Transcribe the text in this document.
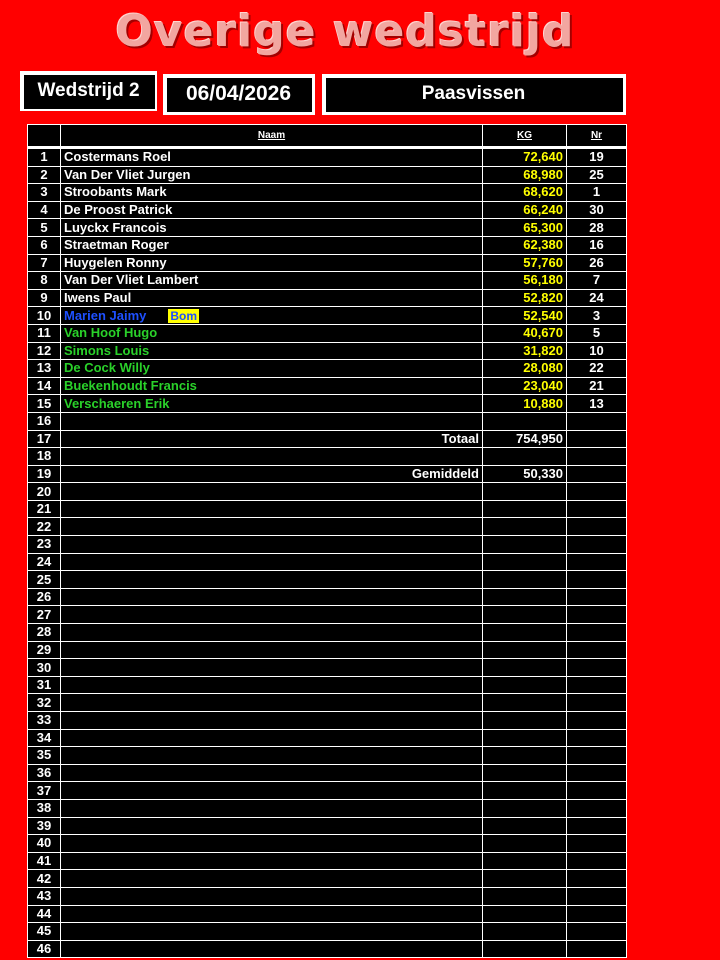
Overige wedstrijd
Wedstrijd 2	06/04/2026	Paasvissen
	Naam	KG	Nr
1	Costermans Roel	72,640	19
2	Van Der Vliet Jurgen	68,980	25
3	Stroobants Mark	68,620	1
4	De Proost Patrick	66,240	30
5	Luyckx Francois	65,300	28
6	Straetman Roger	62,380	16
7	Huygelen Ronny	57,760	26
8	Van Der Vliet Lambert	56,180	7
9	Iwens Paul	52,820	24
10	Marien Jaimy Bom	52,540	3
11	Van Hoof Hugo	40,670	5
12	Simons Louis	31,820	10
13	De Cock Willy	28,080	22
14	Buekenhoudt Francis	23,040	21
15	Verschaeren Erik	10,880	13
16			
17	Totaal	754,950	
18			
19	Gemiddeld	50,330	
20			
21			
22			
23			
24			
25			
26			
27			
28			
29			
30			
31			
32			
33			
34			
35			
36			
37			
38			
39			
40			
41			
42			
43			
44			
45			
46			
